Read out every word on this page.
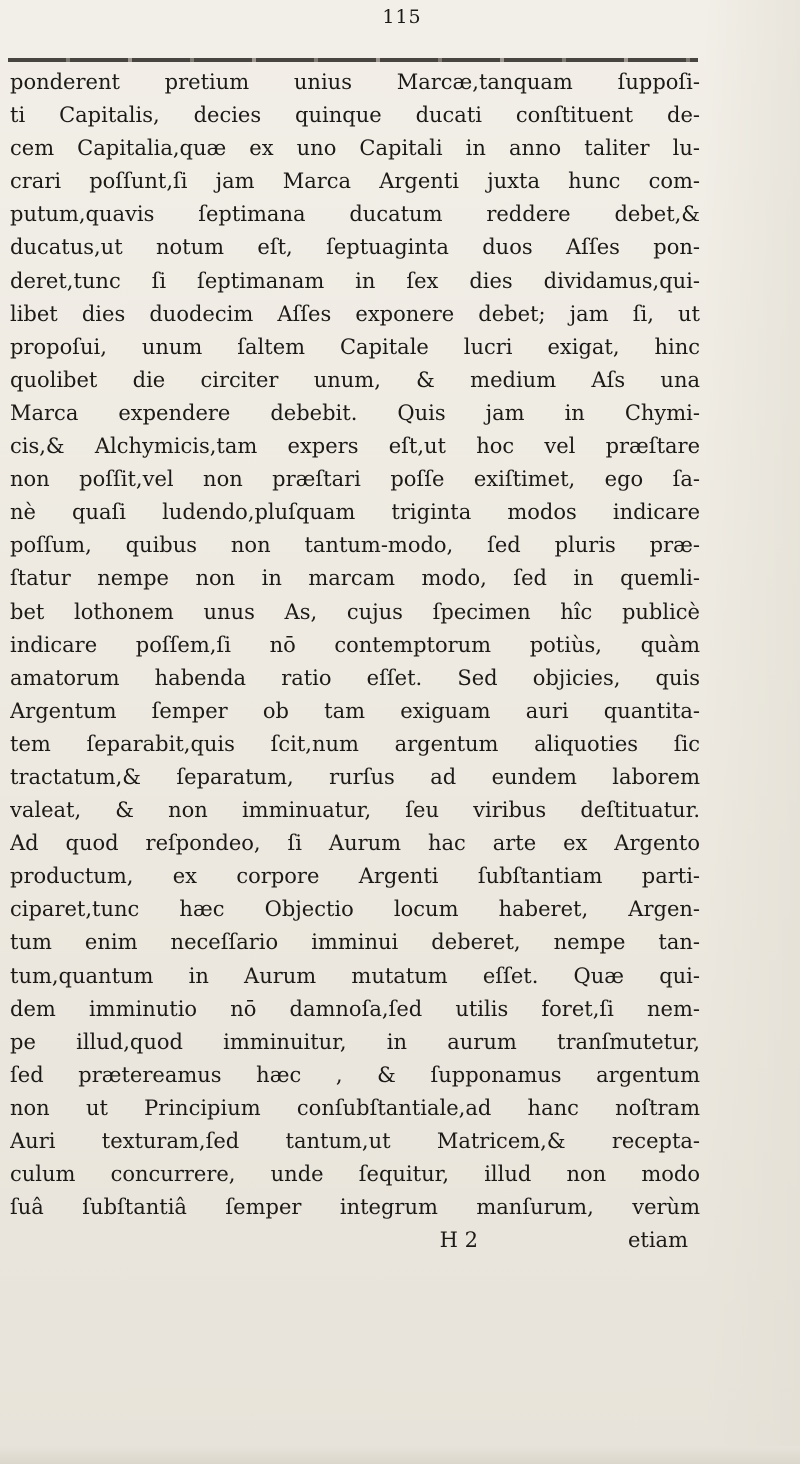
115
ponderent pretium unius Marcæ,tanquam ſuppoſi-
ti Capitalis, decies quinque ducati conſtituent de-
cem Capitalia,quæ ex uno Capitali in anno taliter lu-
crari poſſunt,ſi jam Marca Argenti juxta hunc com-
putum,quavis ſeptimana ducatum reddere debet,&
ducatus,ut notum eſt, ſeptuaginta duos Aſſes pon-
deret,tunc ſi ſeptimanam in ſex dies dividamus,qui-
libet dies duodecim Aſſes exponere debet; jam ſi, ut
propoſui, unum ſaltem Capitale lucri exigat, hinc
quolibet die circiter unum, & medium Aſs una
Marca expendere debebit. Quis jam in Chymi-
cis,& Alchymicis,tam expers eſt,ut hoc vel præſtare
non poſſit,vel non præſtari poſſe exiſtimet, ego ſa-
nè quaſi ludendo,pluſquam triginta modos indicare
poſſum, quibus non tantum-modo, ſed pluris præ-
ſtatur nempe non in marcam modo, ſed in quemli-
bet lothonem unus As, cujus ſpecimen hîc publicè
indicare poſſem,ſi nō contemptorum potiùs, quàm
amatorum habenda ratio eſſet. Sed objicies, quis
Argentum ſemper ob tam exiguam auri quantita-
tem ſeparabit,quis ſcit,num argentum aliquoties ſic
tractatum,& ſeparatum, rurſus ad eundem laborem
valeat, & non imminuatur, ſeu viribus deſtituatur.
Ad quod reſpondeo, ſi Aurum hac arte ex Argento
productum, ex corpore Argenti ſubſtantiam parti-
ciparet,tunc hæc Objectio locum haberet, Argen-
tum enim neceſſario imminui deberet, nempe tan-
tum,quantum in Aurum mutatum eſſet. Quæ qui-
dem imminutio nō damnoſa,ſed utilis foret,ſi nem-
pe illud,quod imminuitur, in aurum tranſmutetur,
ſed prætereamus hæc , & ſupponamus argentum
non ut Principium conſubſtantiale,ad hanc noſtram
Auri texturam,ſed tantum,ut Matricem,& recepta-
culum concurrere, unde ſequitur, illud non modo
ſuâ ſubſtantiâ ſemper integrum manſurum, verùm
H 2	etiam
